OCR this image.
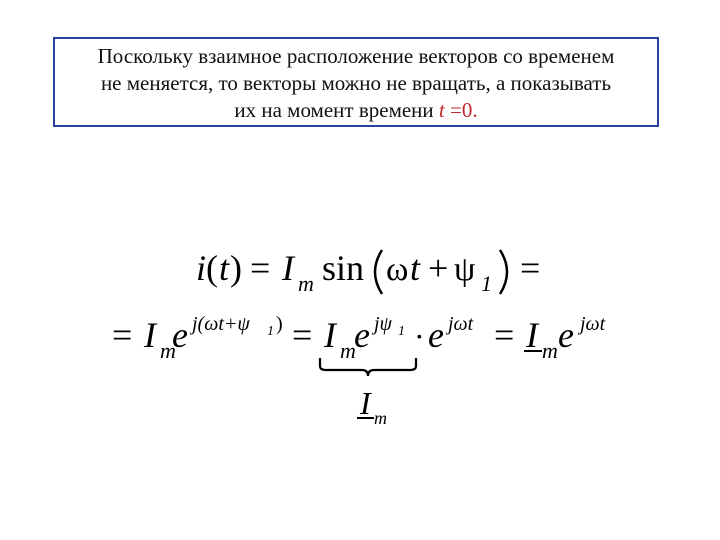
Поскольку взаимное расположение векторов со временем
не меняется, то векторы можно не вращать, а показывать
их на момент времени t =0.
i ( t ) = I m sin ω t + ψ 1 =
= I m
e j(ωt+ψ 1 ) = I m
e jψ 1 · e jωt = I m e jωt
I m
